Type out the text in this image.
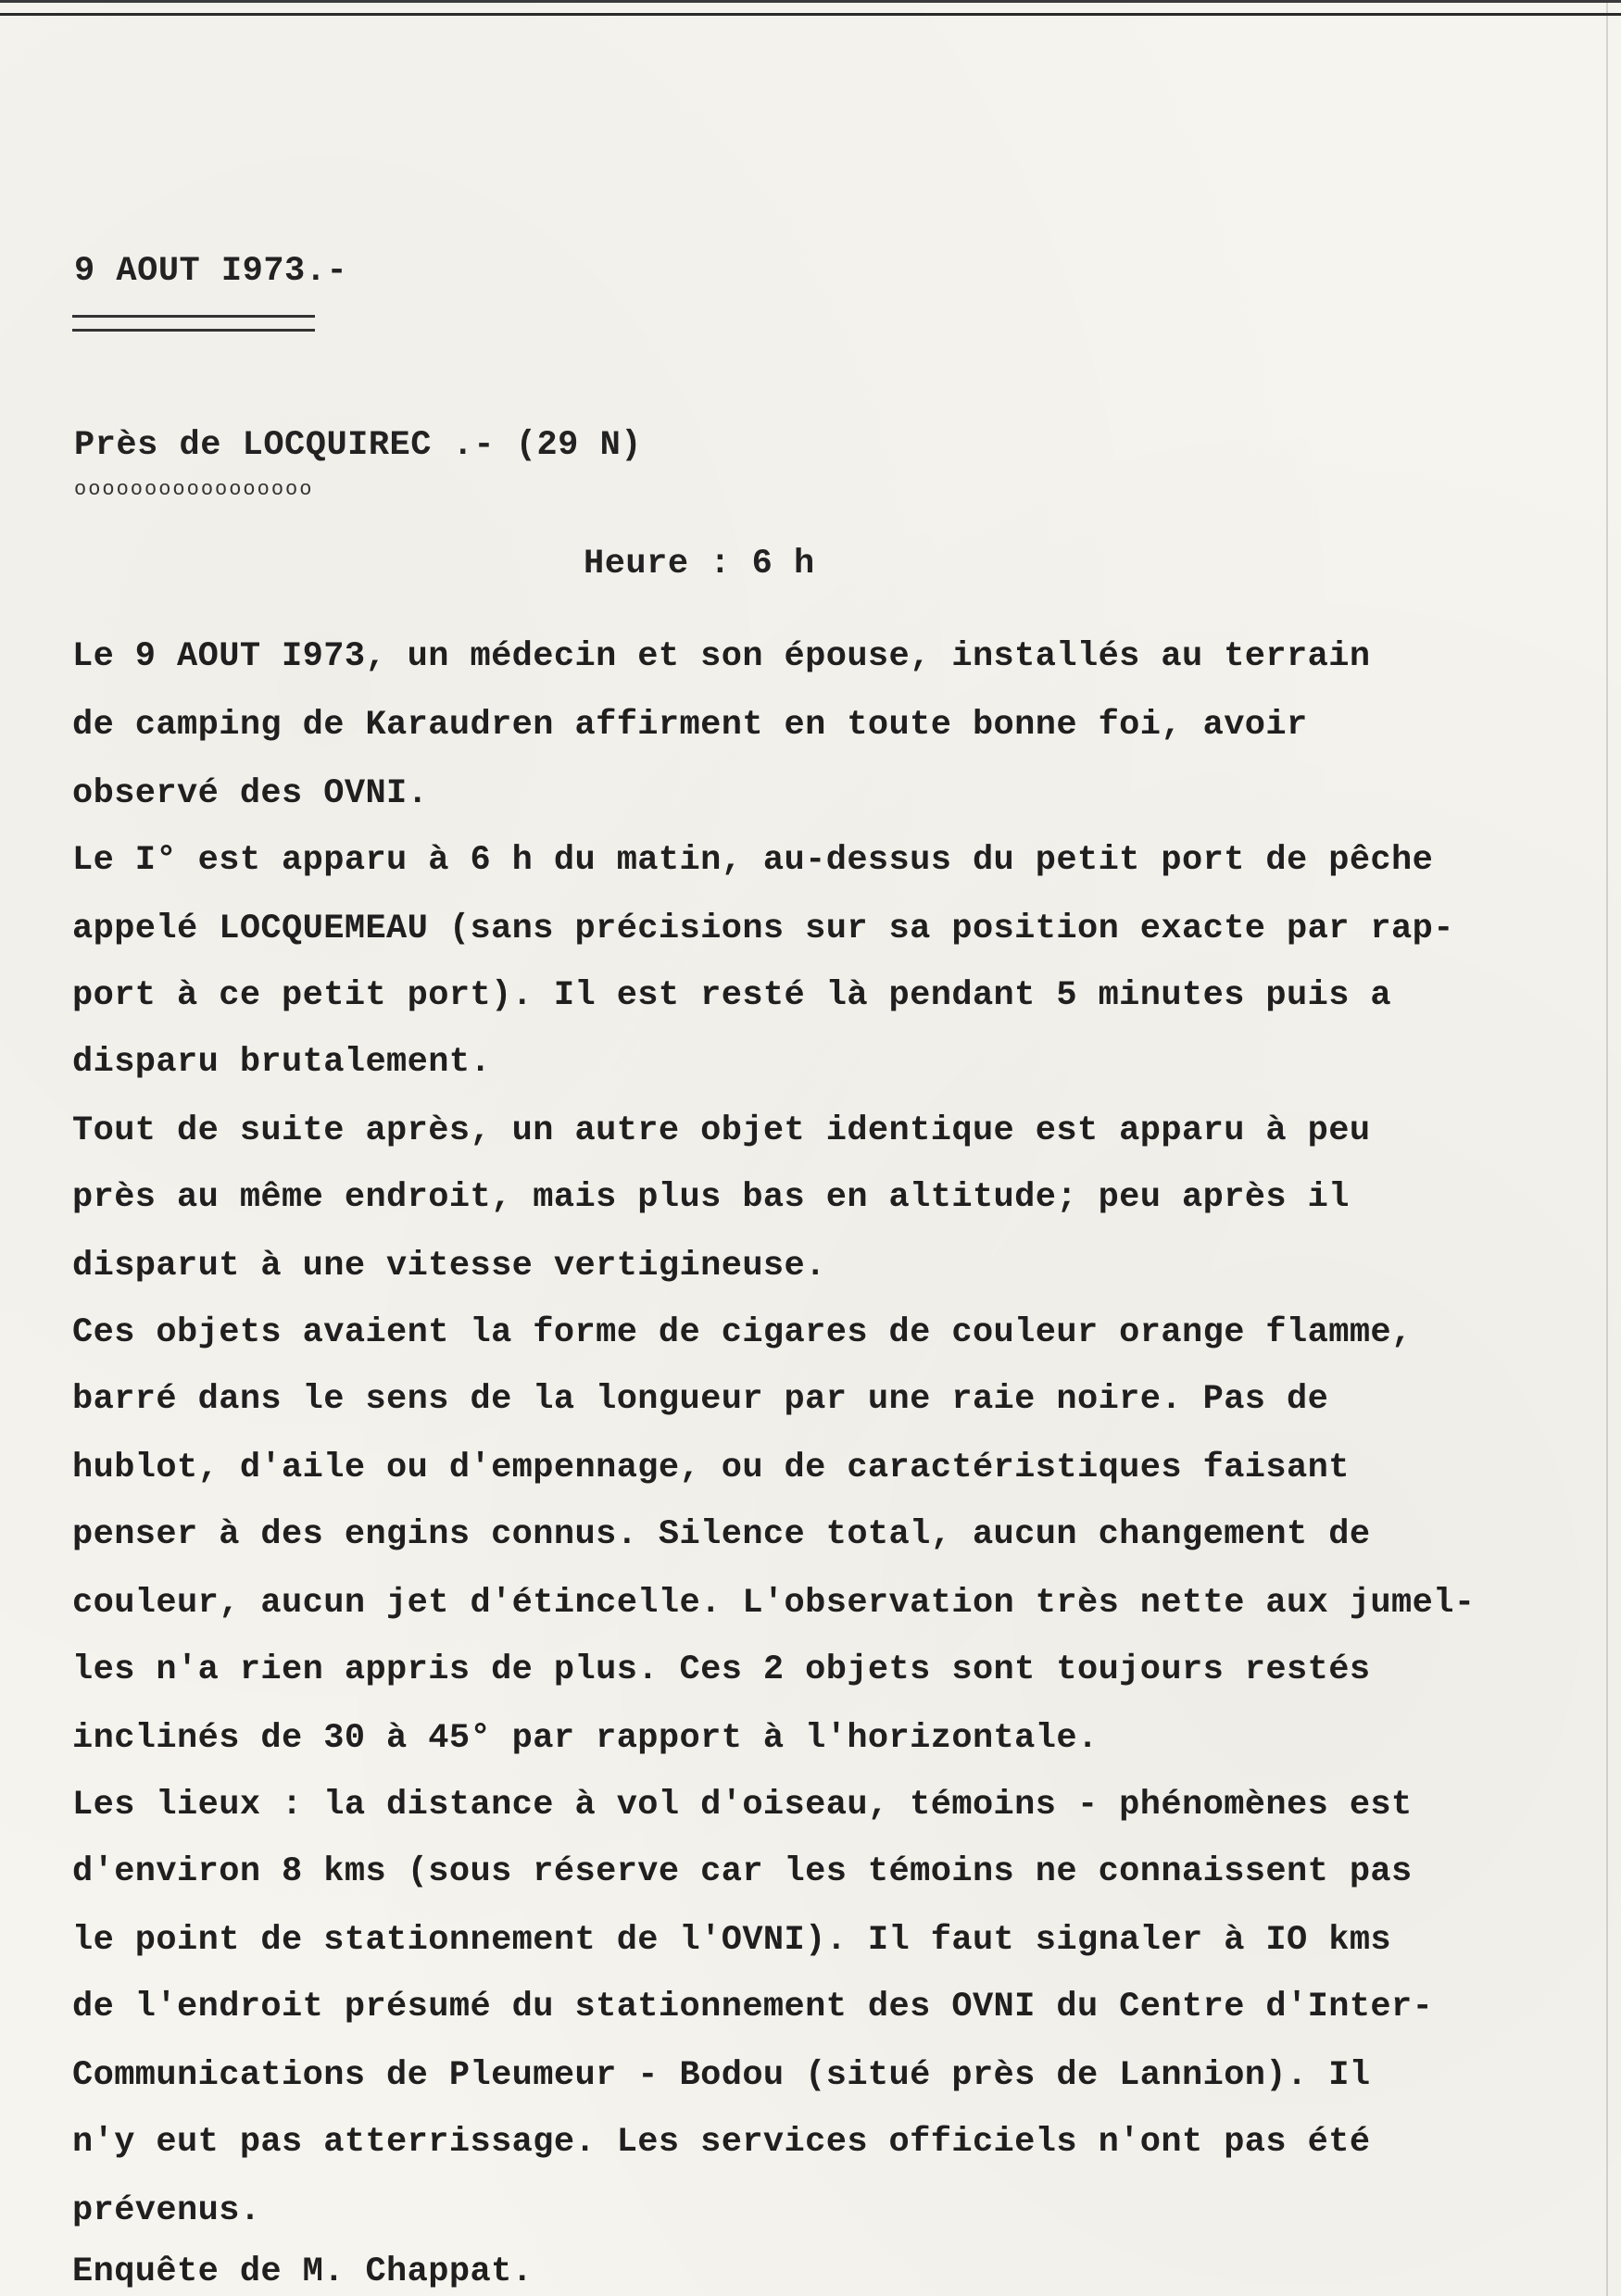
9 AOUT I973.-
Près de LOCQUIREC .- (29 N)
ooooooooooooooooo
Heure : 6 h
Le 9 AOUT I973, un médecin et son épouse, installés au terrain
de camping de Karaudren affirment en toute bonne foi, avoir
observé des OVNI.
Le I° est apparu à 6 h du matin, au-dessus du petit port de pêche
appelé LOCQUEMEAU (sans précisions sur sa position exacte par rap-
port à ce petit port). Il est resté là pendant 5 minutes puis a
disparu brutalement.
Tout de suite après, un autre objet identique est apparu à peu
près au même endroit, mais plus bas en altitude; peu après il
disparut à une vitesse vertigineuse.
Ces objets avaient la forme de cigares de couleur orange flamme,
barré dans le sens de la longueur par une raie noire. Pas de
hublot, d'aile ou d'empennage, ou de caractéristiques faisant
penser à des engins connus. Silence total, aucun changement de
couleur, aucun jet d'étincelle. L'observation très nette aux jumel-
les n'a rien appris de plus. Ces 2 objets sont toujours restés
inclinés de 30 à 45° par rapport à l'horizontale.
Les lieux : la distance à vol d'oiseau, témoins - phénomènes est
d'environ 8 kms (sous réserve car les témoins ne connaissent pas
le point de stationnement de l'OVNI). Il faut signaler à IO kms
de l'endroit présumé du stationnement des OVNI du Centre d'Inter-
Communications de Pleumeur - Bodou (situé près de Lannion). Il
n'y eut pas atterrissage. Les services officiels n'ont pas été
prévenus.
Enquête de M. Chappat.
